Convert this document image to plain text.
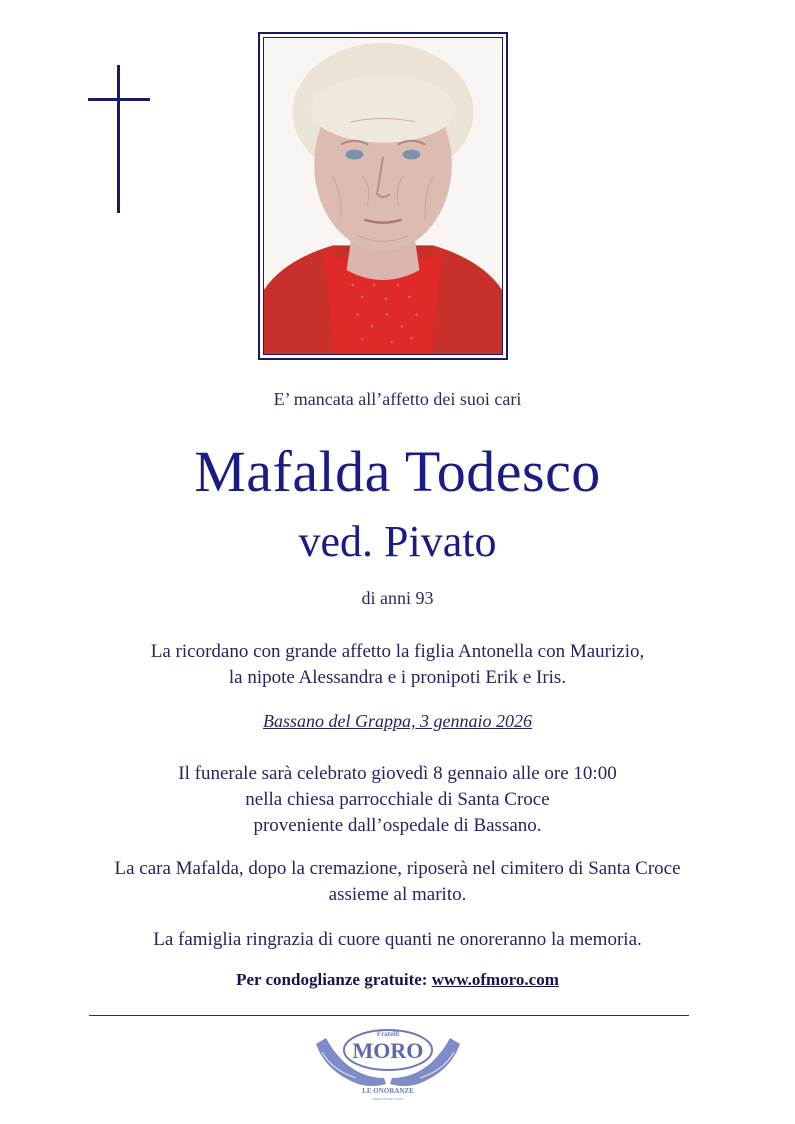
E’ mancata all’affetto dei suoi cari
Mafalda Todesco
ved. Pivato
di anni 93
La ricordano con grande affetto la figlia Antonella con Maurizio,
la nipote Alessandra e i pronipoti Erik e Iris.
Bassano del Grappa, 3 gennaio 2026
Il funerale sarà celebrato giovedì 8 gennaio alle ore 10:00
nella chiesa parrocchiale di Santa Croce
proveniente dall’ospedale di Bassano.
La cara Mafalda, dopo la cremazione, riposerà nel cimitero di Santa Croce
assieme al marito.
La famiglia ringrazia di cuore quanti ne onoreranno la memoria.
Per condoglianze gratuite: www.ofmoro.com
Fratelli
MORO
LE ONORANZE
www.ofmoro.com
